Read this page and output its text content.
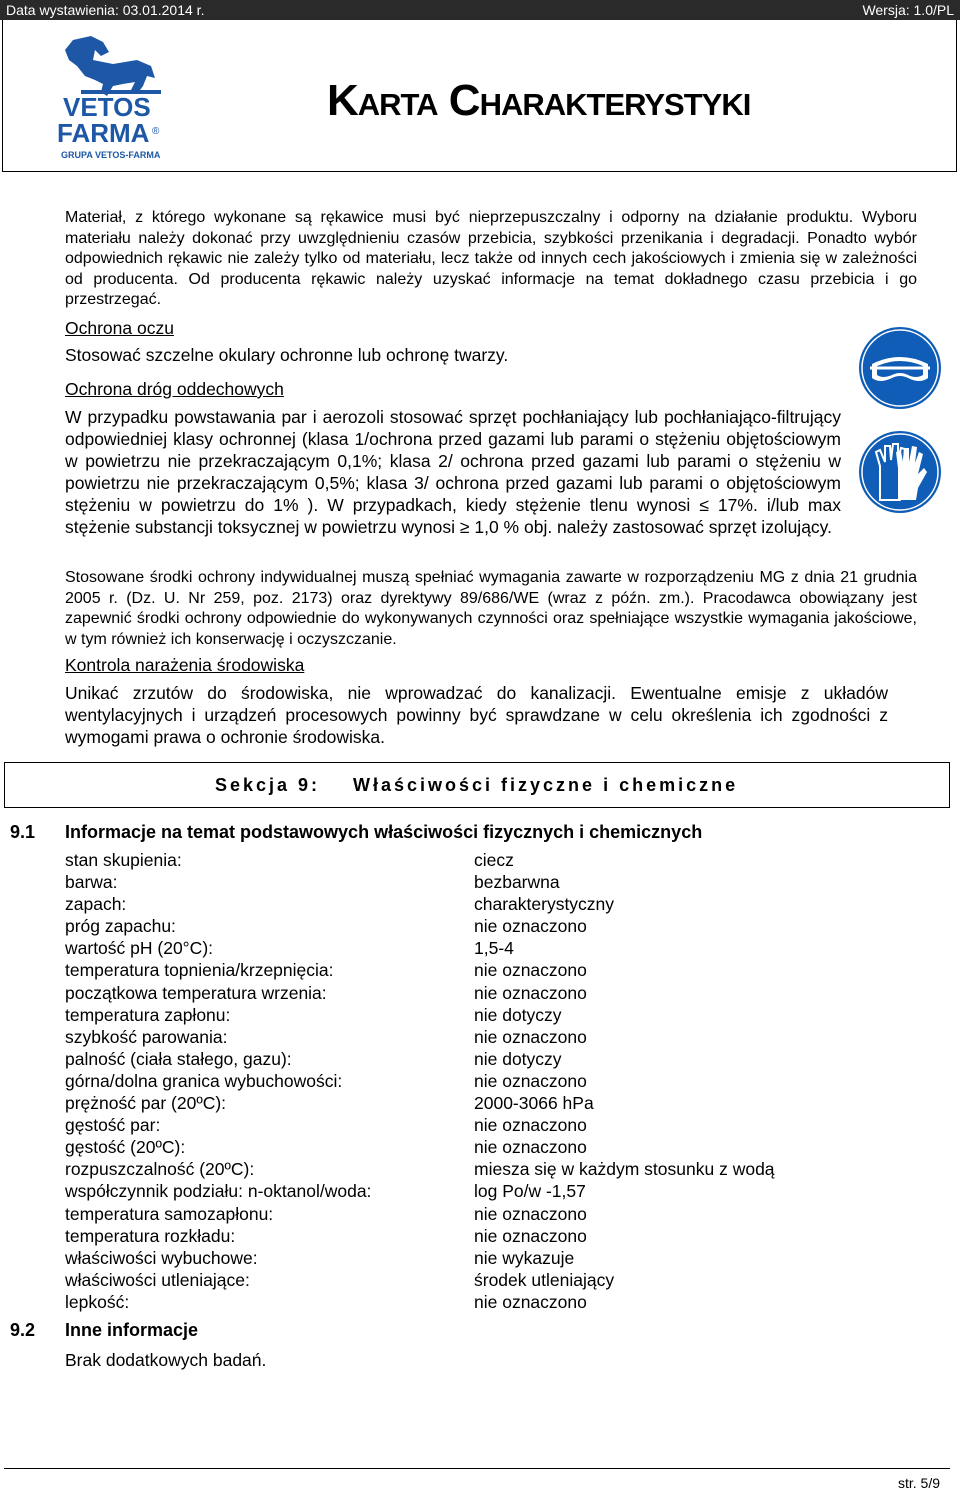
Data wystawienia: 03.01.2014 r.	Wersja: 1.0/PL
VETOS
FARMA ®
GRUPA VETOS-FARMA
Karta Charakterystyki

Materiał, z którego wykonane są rękawice musi być nieprzepuszczalny i odporny na działanie produktu. Wyboru materiału należy dokonać przy uwzględnieniu czasów przebicia, szybkości przenikania i degradacji. Ponadto wybór odpowiednich rękawic nie zależy tylko od materiału, lecz także od innych cech jakościowych i zmienia się w zależności od producenta. Od producenta rękawic należy uzyskać informacje na temat dokładnego czasu przebicia i go przestrzegać.

Ochrona oczu
Stosować szczelne okulary ochronne lub ochronę twarzy.
Ochrona dróg oddechowych
W przypadku powstawania par i aerozoli stosować sprzęt pochłaniający lub pochłaniająco-filtrujący odpowiedniej klasy ochronnej (klasa 1/ochrona przed gazami lub parami o stężeniu objętościowym w powietrzu nie przekraczającym 0,1%; klasa 2/ ochrona przed gazami lub parami o stężeniu w powietrzu nie przekraczającym 0,5%; klasa 3/ ochrona przed gazami lub parami o objętościowym stężeniu w powietrzu do 1% ). W przypadkach, kiedy stężenie tlenu wynosi ≤ 17%. i/lub max stężenie substancji toksycznej w powietrzu wynosi ≥ 1,0 % obj. należy zastosować sprzęt izolujący.

Stosowane środki ochrony indywidualnej muszą spełniać wymagania zawarte w rozporządzeniu MG z dnia 21 grudnia 2005 r. (Dz. U. Nr 259, poz. 2173) oraz dyrektywy 89/686/WE (wraz z późn. zm.). Pracodawca obowiązany jest zapewnić środki ochrony odpowiednie do wykonywanych czynności oraz spełniające wszystkie wymagania jakościowe, w tym również ich konserwację i oczyszczanie.

Kontrola narażenia środowiska
Unikać zrzutów do środowiska, nie wprowadzać do kanalizacji. Ewentualne emisje z układów wentylacyjnych i urządzeń procesowych powinny być sprawdzane w celu określenia ich zgodności z wymogami prawa o ochronie środowiska.
Sekcja 9: Właściwości fizyczne i chemiczne
9.1 Informacje na temat podstawowych właściwości fizycznych i chemicznych
stan skupienia:	ciecz
barwa:	bezbarwna
zapach:	charakterystyczny
próg zapachu:	nie oznaczono
wartość pH (20°C):	1,5-4
temperatura topnienia/krzepnięcia:	nie oznaczono
początkowa temperatura wrzenia:	nie oznaczono
temperatura zapłonu:	nie dotyczy
szybkość parowania:	nie oznaczono
palność (ciała stałego, gazu):	nie dotyczy
górna/dolna granica wybuchowości:	nie oznaczono
prężność par (20ºC):	2000-3066 hPa
gęstość par:	nie oznaczono
gęstość (20ºC):	nie oznaczono
rozpuszczalność (20ºC):	miesza się w każdym stosunku z wodą
współczynnik podziału: n-oktanol/woda:	log Po/w -1,57
temperatura samozapłonu:	nie oznaczono
temperatura rozkładu:	nie oznaczono
właściwości wybuchowe:	nie wykazuje
właściwości utleniające:	środek utleniający
lepkość:	nie oznaczono
9.2 Inne informacje
Brak dodatkowych badań.
str. 5/9
